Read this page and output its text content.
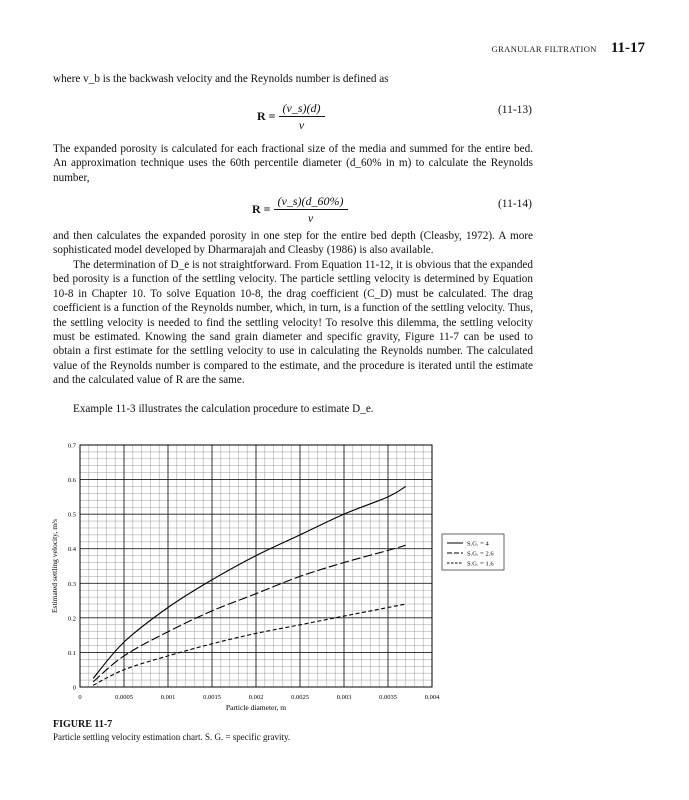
GRANULAR FILTRATION 11-17
where v_b is the backwash velocity and the Reynolds number is defined as
$R = \frac{(v\_s)(d)}{\nu}$	(11-13)
The expanded porosity is calculated for each fractional size of the media and summed for the entire bed. An approximation technique uses the 60th percentile diameter (d_60% in m) to calculate the Reynolds number,
$R = \frac{(v\_s)(d\_60\%)}{\nu}$	(11-14)
and then calculates the expanded porosity in one step for the entire bed depth (Cleasby, 1972). A more sophisticated model developed by Dharmarajah and Cleasby (1986) is also available.
The determination of D_e is not straightforward. From Equation 11-12, it is obvious that the expanded bed porosity is a function of the settling velocity. The particle settling velocity is determined by Equation 10-8 in Chapter 10. To solve Equation 10-8, the drag coefficient (C_D) must be calculated. The drag coefficient is a function of the Reynolds number, which, in turn, is a function of the settling velocity. Thus, the settling velocity is needed to find the settling velocity! To resolve this dilemma, the settling velocity must be estimated. Knowing the sand grain diameter and specific gravity, Figure 11-7 can be used to obtain a first estimate for the settling velocity to use in calculating the Reynolds number. The calculated value of the Reynolds number is compared to the estimate, and the procedure is iterated until the estimate and the calculated value of R are the same.
Example 11-3 illustrates the calculation procedure to estimate D_e.
0	0.0005	0.001	0.0015	0.002	0.0025	0.003	0.0035	0.004
0
0.1
0.2
0.3
0.4
0.5
0.6
0.7
Particle diameter, m
Estimated settling velocity, m/s	S.G. = 4
S.G. = 2.6
S.G. = 1.6
FIGURE 11-7
Particle settling velocity estimation chart. S. G. = specific gravity.
